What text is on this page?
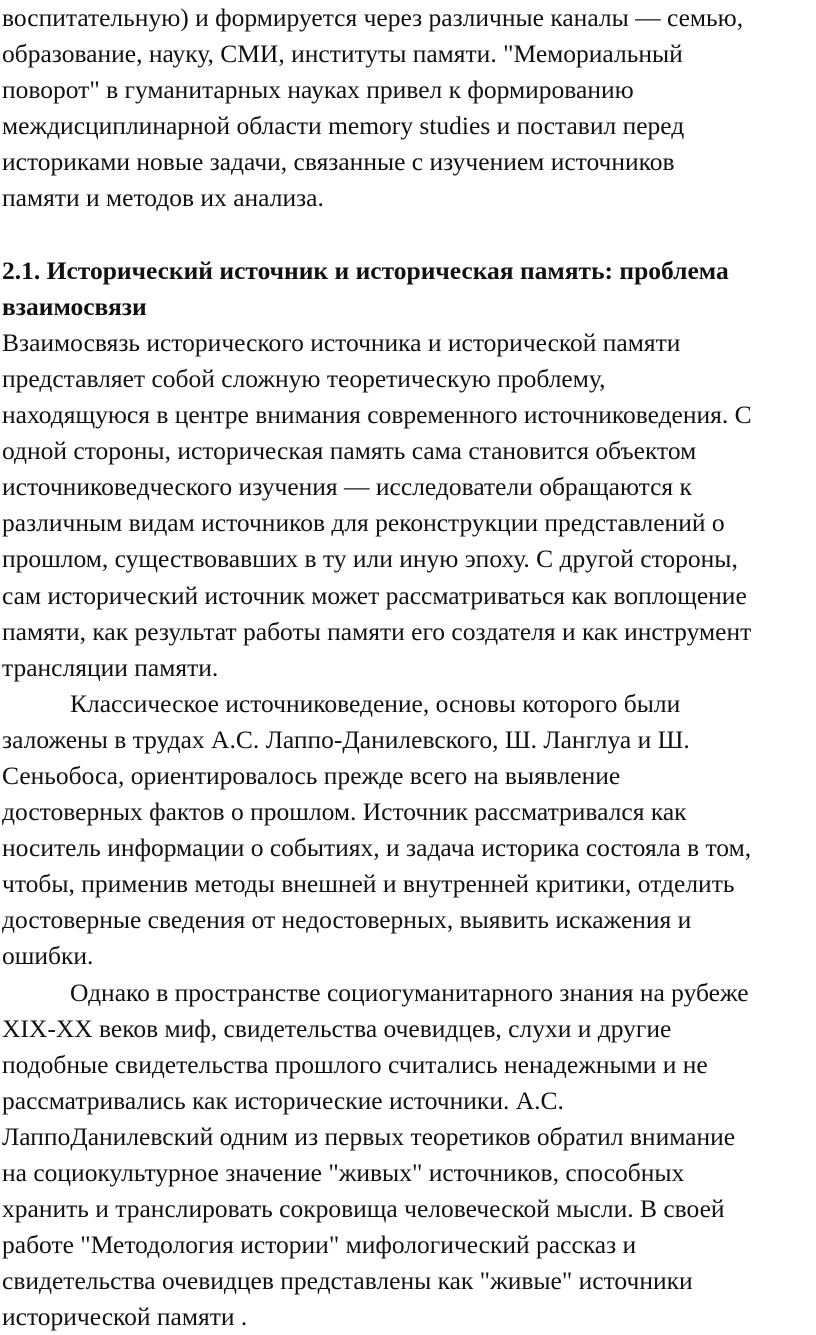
воспитательную) и формируется через различные каналы — семью,
образование, науку, СМИ, институты памяти. "Мемориальный
поворот" в гуманитарных науках привел к формированию
междисциплинарной области memory studies и поставил перед
историками новые задачи, связанные с изучением источников
памяти и методов их анализа.
2.1. Исторический источник и историческая память: проблема
взаимосвязи
Взаимосвязь исторического источника и исторической памяти
представляет собой сложную теоретическую проблему,
находящуюся в центре внимания современного источниковедения. С
одной стороны, историческая память сама становится объектом
источниковедческого изучения — исследователи обращаются к
различным видам источников для реконструкции представлений о
прошлом, существовавших в ту или иную эпоху. С другой стороны,
сам исторический источник может рассматриваться как воплощение
памяти, как результат работы памяти его создателя и как инструмент
трансляции памяти.
Классическое источниковедение, основы которого были
заложены в трудах А.С. Лаппо-Данилевского, Ш. Ланглуа и Ш.
Сеньобоса, ориентировалось прежде всего на выявление
достоверных фактов о прошлом. Источник рассматривался как
носитель информации о событиях, и задача историка состояла в том,
чтобы, применив методы внешней и внутренней критики, отделить
достоверные сведения от недостоверных, выявить искажения и
ошибки.
Однако в пространстве социогуманитарного знания на рубеже
XIX-XX веков миф, свидетельства очевидцев, слухи и другие
подобные свидетельства прошлого считались ненадежными и не
рассматривались как исторические источники. А.С.
ЛаппоДанилевский одним из первых теоретиков обратил внимание
на социокультурное значение "живых" источников, способных
хранить и транслировать сокровища человеческой мысли. В своей
работе "Методология истории" мифологический рассказ и
свидетельства очевидцев представлены как "живые" источники
исторической памяти .
